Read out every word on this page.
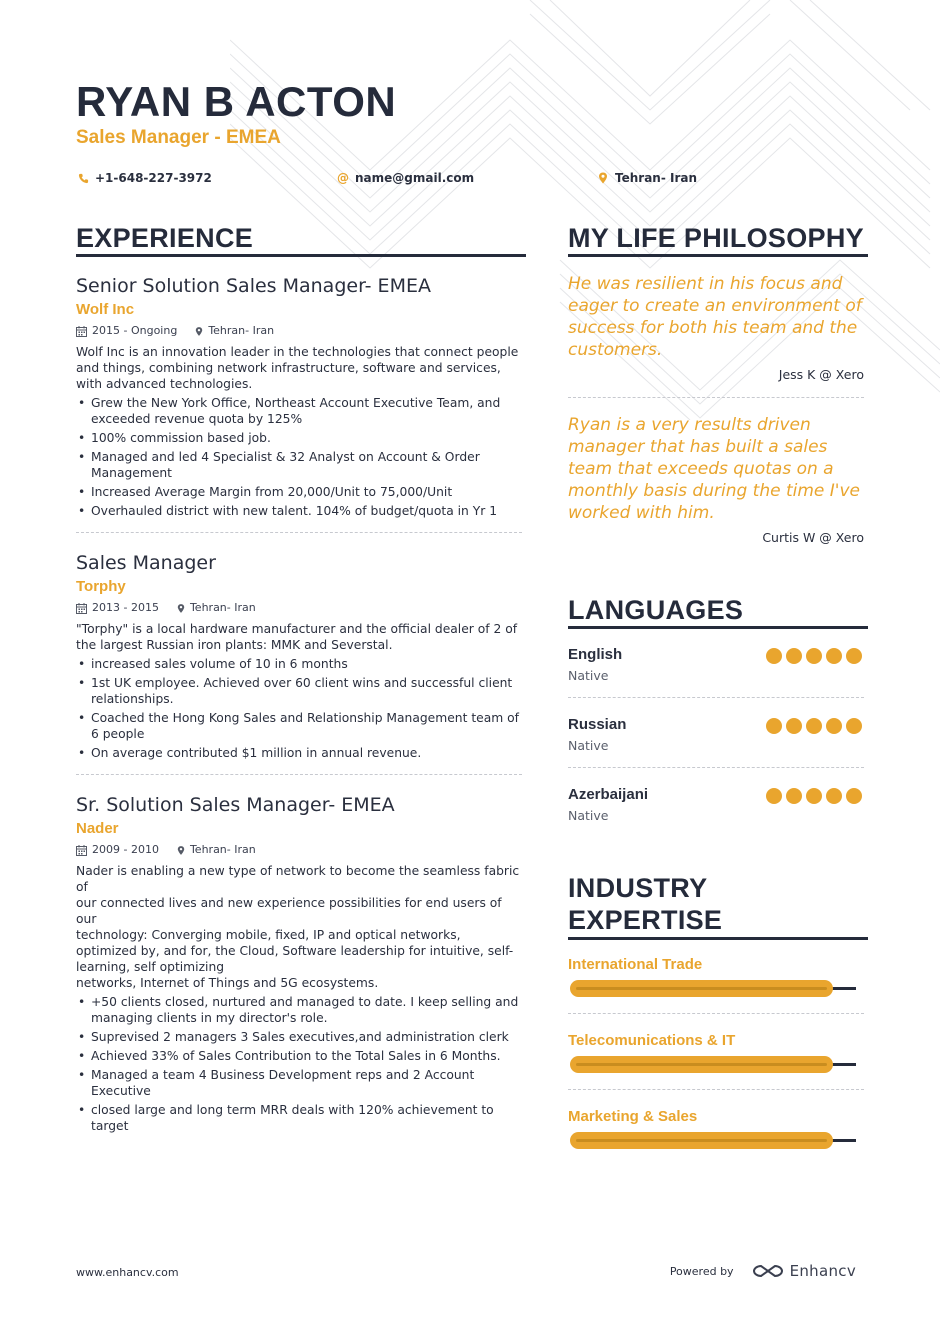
RYAN B ACTON
Sales Manager - EMEA
+1-648-227-3972	@ name@gmail.com	Tehran- Iran
EXPERIENCE
Senior Solution Sales Manager- EMEA
Wolf Inc
2015 - Ongoing	Tehran- Iran
Wolf Inc is an innovation leader in the technologies that connect people and things, combining network infrastructure, software and services, with advanced technologies.
• Grew the New York Office, Northeast Account Executive Team, and exceeded revenue quota by 125%
• 100% commission based job.
• Managed and led 4 Specialist & 32 Analyst on Account & Order Management
• Increased Average Margin from 20,000/Unit to 75,000/Unit
• Overhauled district with new talent. 104% of budget/quota in Yr 1
Sales Manager
Torphy
2013 - 2015	Tehran- Iran
"Torphy" is a local hardware manufacturer and the official dealer of 2 of the largest Russian iron plants: MMK and Severstal.
• increased sales volume of 10 in 6 months
• 1st UK employee. Achieved over 60 client wins and successful client relationships.
• Coached the Hong Kong Sales and Relationship Management team of 6 people
• On average contributed $1 million in annual revenue.
Sr. Solution Sales Manager- EMEA
Nader
2009 - 2010	Tehran- Iran
Nader is enabling a new type of network to become the seamless fabric of
our connected lives and new experience possibilities for end users of our
technology: Converging mobile, fixed, IP and optical networks, optimized by, and for, the Cloud, Software leadership for intuitive, self-learning, self optimizing
networks, Internet of Things and 5G ecosystems.
• +50 clients closed, nurtured and managed to date. I keep selling and managing clients in my director's role.
• Suprevised 2 managers 3 Sales executives,and administration clerk
• Achieved 33% of Sales Contribution to the Total Sales in 6 Months.
• Managed a team 4 Business Development reps and 2 Account Executive
• closed large and long term MRR deals with 120% achievement to target
MY LIFE PHILOSOPHY
He was resilient in his focus and eager to create an environment of success for both his team and the customers.
Jess K @ Xero
Ryan is a very results driven manager that has built a sales team that exceeds quotas on a monthly basis during the time I've worked with him.
Curtis W @ Xero
LANGUAGES
English
Native
Russian
Native
Azerbaijani
Native
INDUSTRY EXPERTISE
International Trade
Telecomunications & IT
Marketing & Sales
www.enhancv.com	Powered by	Enhancv
